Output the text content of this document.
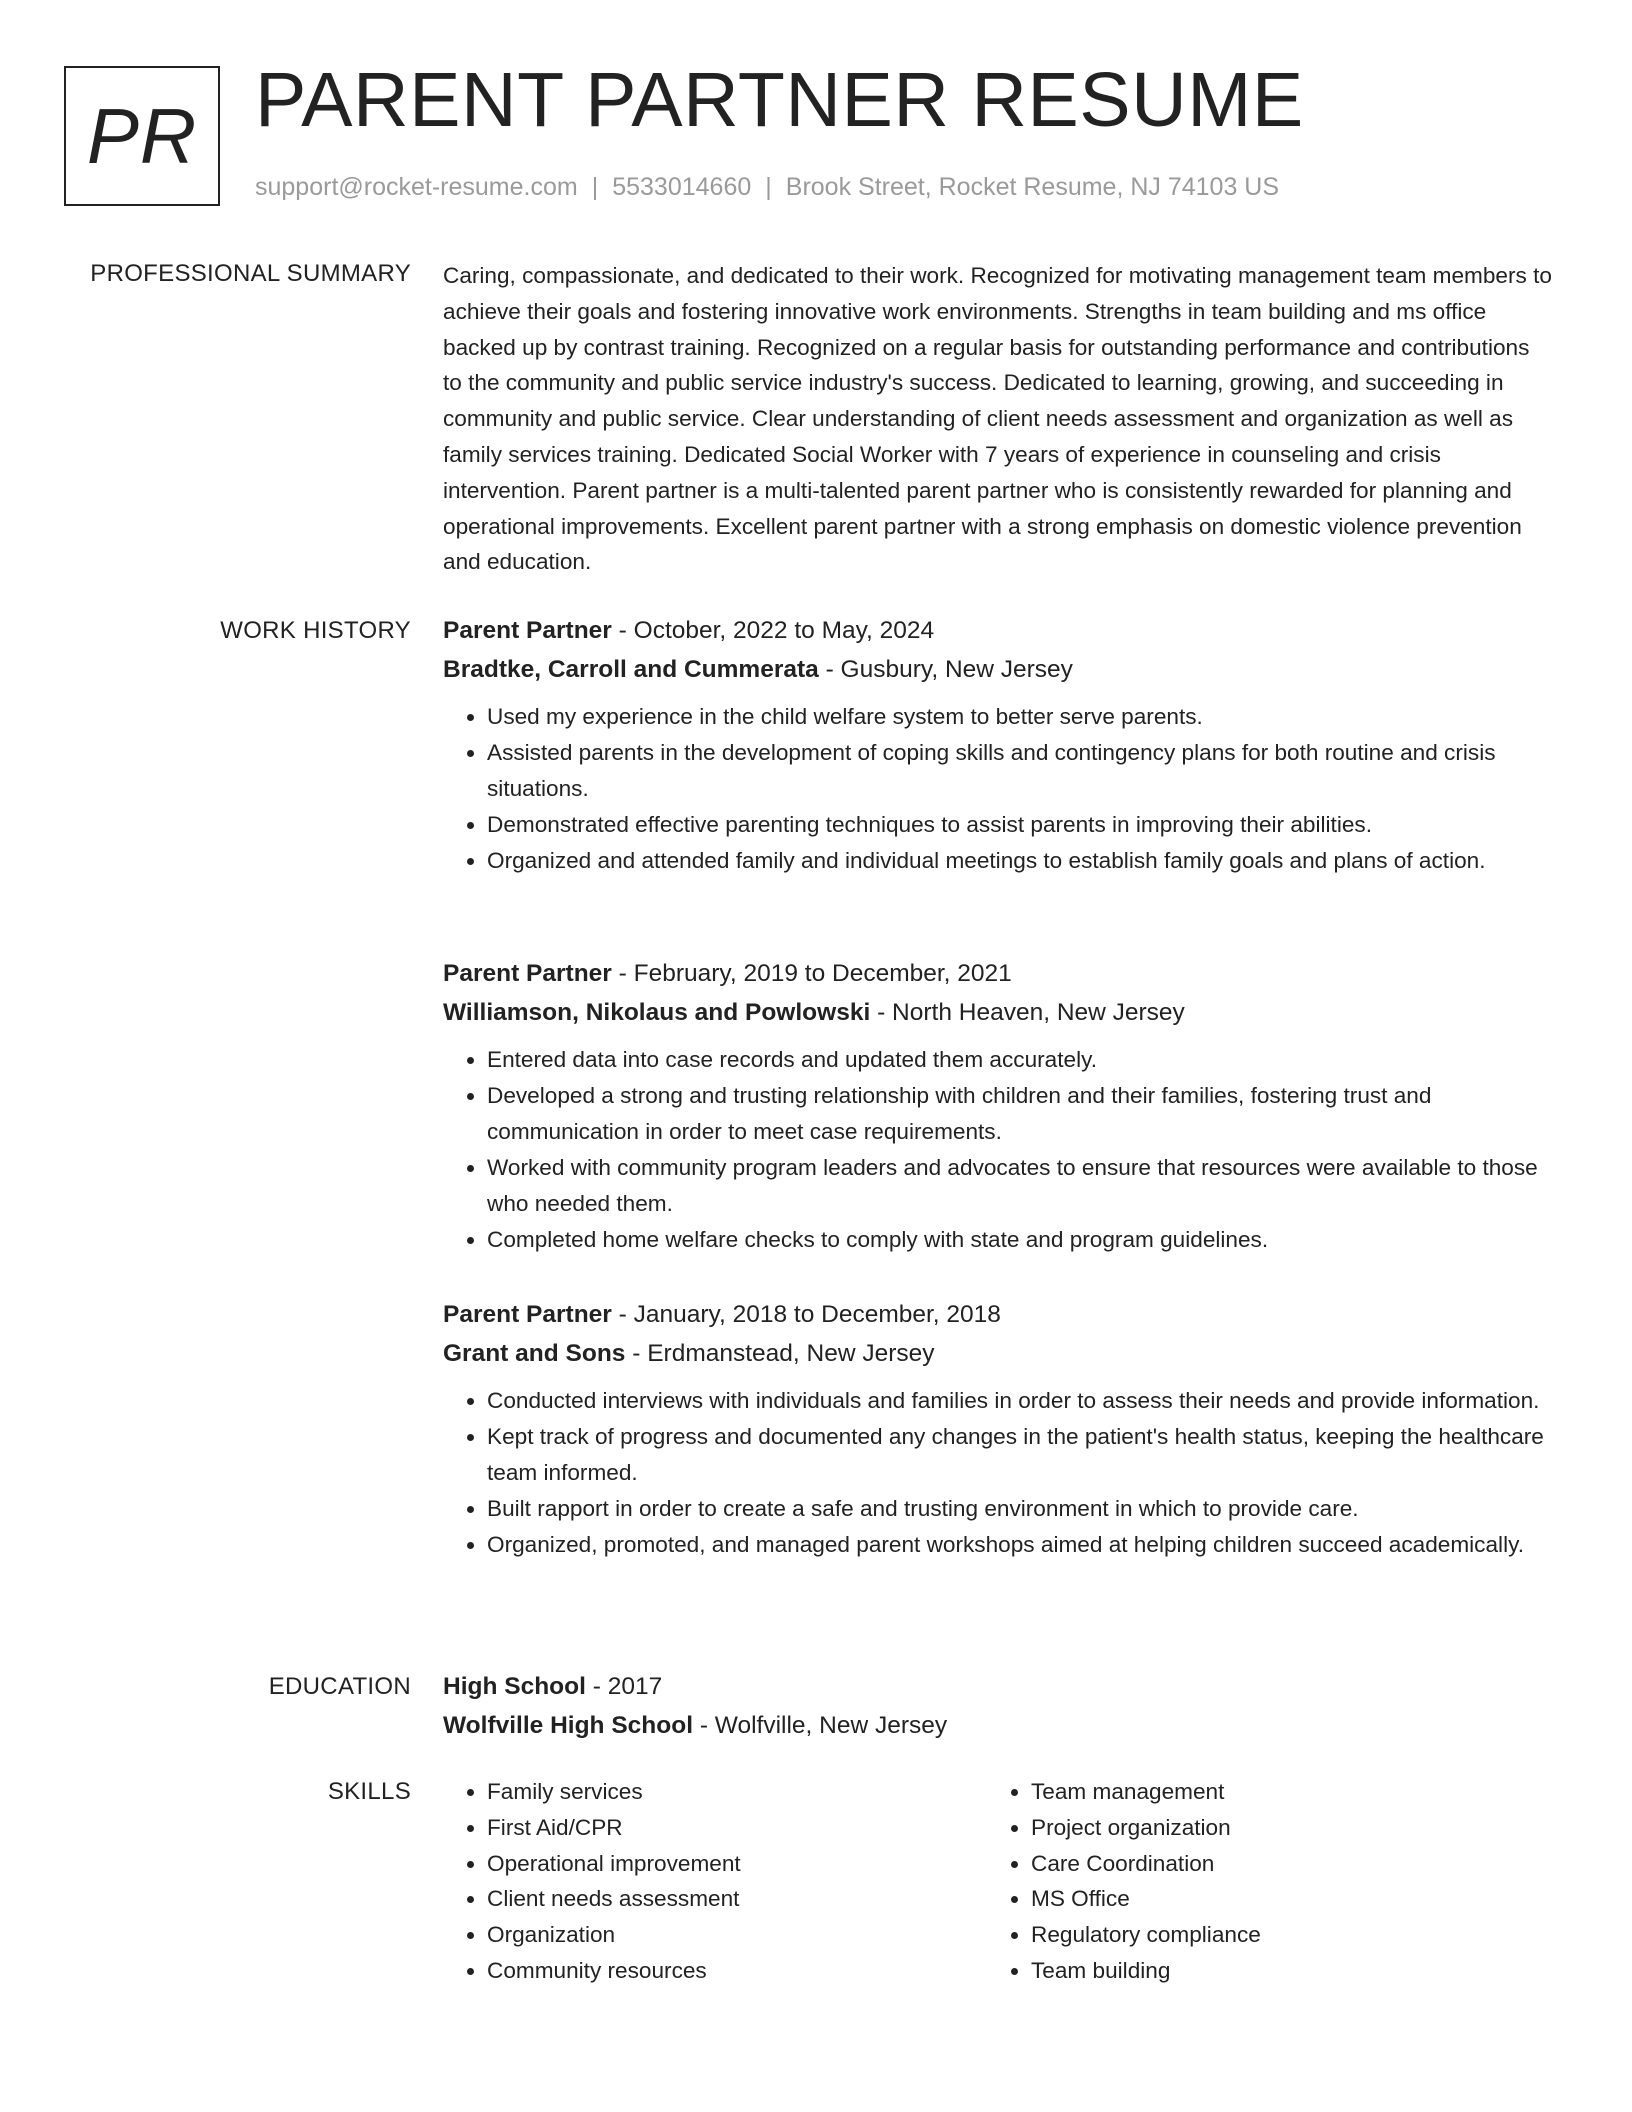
PR PARENT PARTNER RESUME
support@rocket-resume.com | 5533014660 | Brook Street, Rocket Resume, NJ 74103 US
PROFESSIONAL SUMMARY Caring, compassionate, and dedicated to their work. Recognized for motivating management team members to achieve their goals and fostering innovative work environments. Strengths in team building and ms office backed up by contrast training. Recognized on a regular basis for outstanding performance and contributions to the community and public service industry's success. Dedicated to learning, growing, and succeeding in community and public service. Clear understanding of client needs assessment and organization as well as family services training. Dedicated Social Worker with 7 years of experience in counseling and crisis intervention. Parent partner is a multi-talented parent partner who is consistently rewarded for planning and operational improvements. Excellent parent partner with a strong emphasis on domestic violence prevention and education.

WORK HISTORY Parent Partner - October, 2022 to May, 2024
Bradtke, Carroll and Cummerata - Gusbury, New Jersey
• Used my experience in the child welfare system to better serve parents.
• Assisted parents in the development of coping skills and contingency plans for both routine and crisis situations.
• Demonstrated effective parenting techniques to assist parents in improving their abilities.
• Organized and attended family and individual meetings to establish family goals and plans of action.
Parent Partner - February, 2019 to December, 2021
Williamson, Nikolaus and Powlowski - North Heaven, New Jersey
• Entered data into case records and updated them accurately.
• Developed a strong and trusting relationship with children and their families, fostering trust and communication in order to meet case requirements.
• Worked with community program leaders and advocates to ensure that resources were available to those who needed them.
• Completed home welfare checks to comply with state and program guidelines.
Parent Partner - January, 2018 to December, 2018
Grant and Sons - Erdmanstead, New Jersey
• Conducted interviews with individuals and families in order to assess their needs and provide information.
• Kept track of progress and documented any changes in the patient's health status, keeping the healthcare team informed.
• Built rapport in order to create a safe and trusting environment in which to provide care.
• Organized, promoted, and managed parent workshops aimed at helping children succeed academically.
EDUCATION High School - 2017
Wolfville High School - Wolfville, New Jersey
SKILLS
•	Family services
• First Aid/CPR
• Operational improvement
• Client needs assessment
• Organization
• Community resources
• Team management
• Project organization
• Care Coordination
• MS Office
• Regulatory compliance
• Team building
